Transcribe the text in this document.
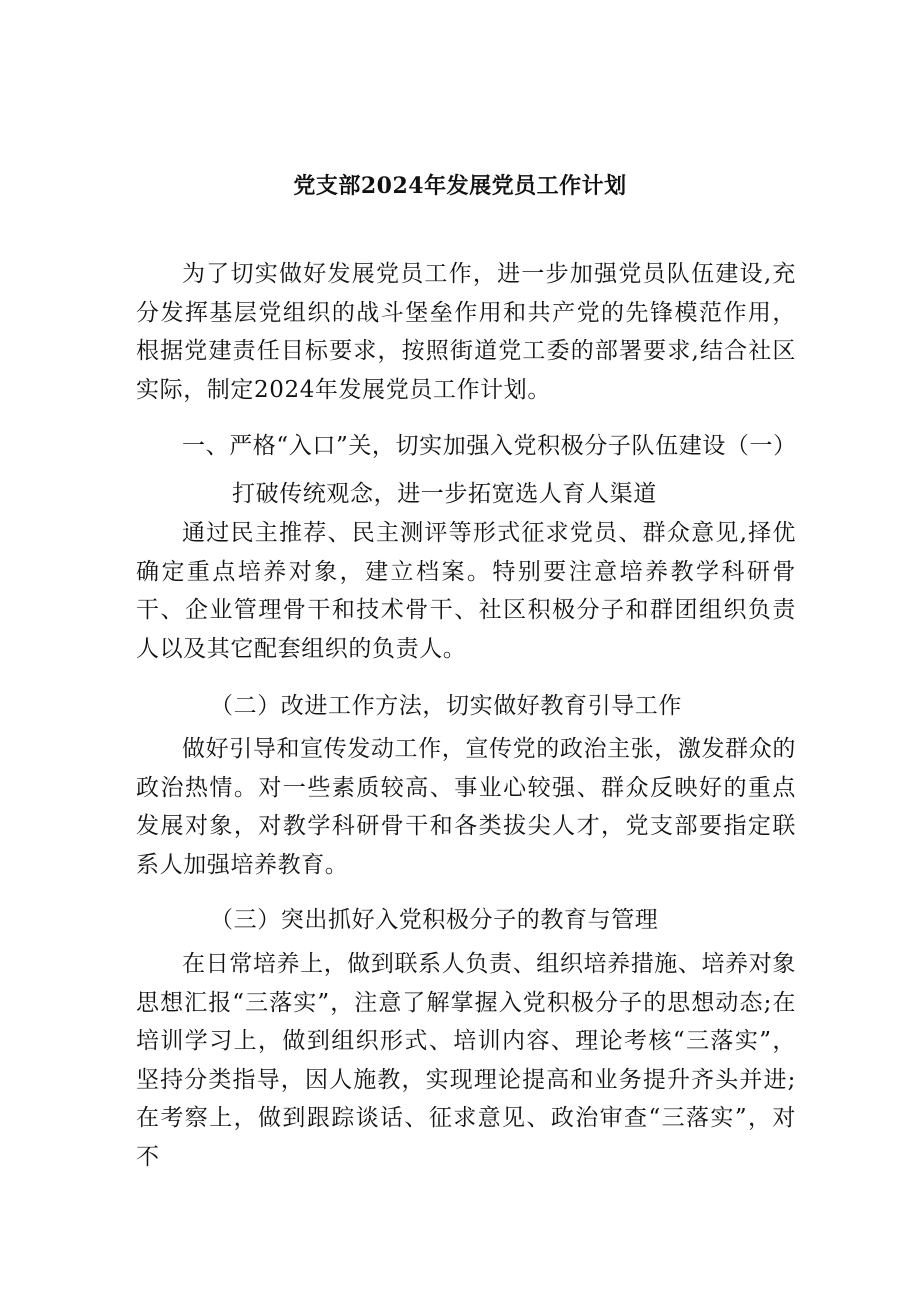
党支部2024年发展党员工作计划

为了切实做好发展党员工作，进一步加强党员队伍建设,充分发挥基层党组织的战斗堡垒作用和共产党的先锋模范作用，根据党建责任目标要求，按照街道党工委的部署要求,结合社区实际，制定2024年发展党员工作计划。

一、严格“入口”关，切实加强入党积极分子队伍建设（一）

打破传统观念，进一步拓宽选人育人渠道

通过民主推荐、民主测评等形式征求党员、群众意见,择优确定重点培养对象，建立档案。特别要注意培养教学科研骨干、企业管理骨干和技术骨干、社区积极分子和群团组织负责人以及其它配套组织的负责人。

（二）改进工作方法，切实做好教育引导工作

做好引导和宣传发动工作，宣传党的政治主张，激发群众的政治热情。对一些素质较高、事业心较强、群众反映好的重点发展对象，对教学科研骨干和各类拔尖人才，党支部要指定联系人加强培养教育。

（三）突出抓好入党积极分子的教育与管理

在日常培养上，做到联系人负责、组织培养措施、培养对象思想汇报“三落实”，注意了解掌握入党积极分子的思想动态;在培训学习上，做到组织形式、培训内容、理论考核“三落实”，坚持分类指导，因人施教，实现理论提高和业务提升齐头并进;在考察上，做到跟踪谈话、征求意见、政治审查“三落实”，对不
